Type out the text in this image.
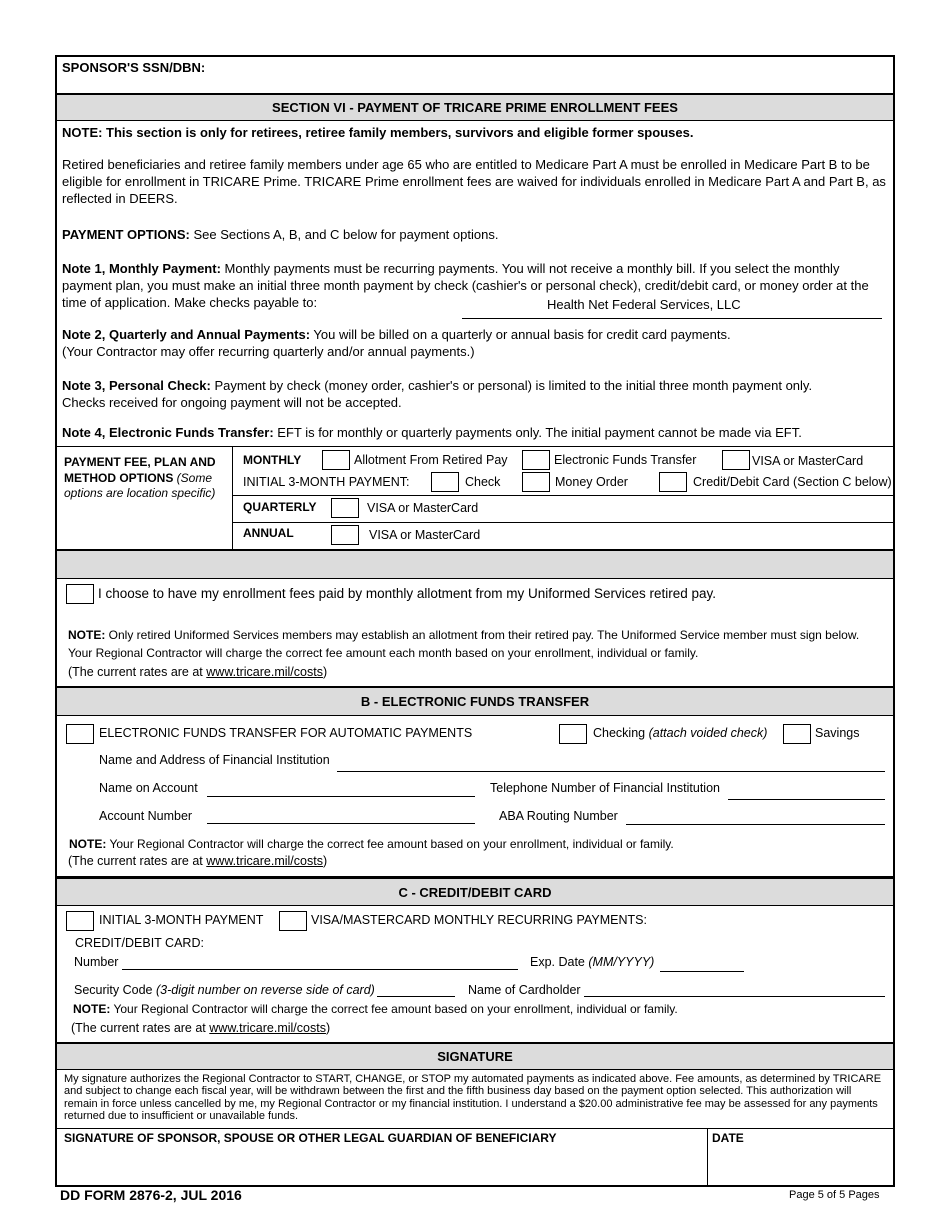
SPONSOR'S SSN/DBN:
SECTION VI - PAYMENT OF TRICARE PRIME ENROLLMENT FEES
NOTE: This section is only for retirees, retiree family members, survivors and eligible former spouses.
Retired beneficiaries and retiree family members under age 65 who are entitled to Medicare Part A must be enrolled in Medicare Part B to be eligible for enrollment in TRICARE Prime. TRICARE Prime enrollment fees are waived for individuals enrolled in Medicare Part A and Part B, as reflected in DEERS.
PAYMENT OPTIONS: See Sections A, B, and C below for payment options.
Note 1, Monthly Payment: Monthly payments must be recurring payments. You will not receive a monthly bill. If you select the monthly payment plan, you must make an initial three month payment by check (cashier's or personal check), credit/debit card, or money order at the time of application. Make checks payable to:	Health Net Federal Services, LLC
Note 2, Quarterly and Annual Payments: You will be billed on a quarterly or annual basis for credit card payments.
(Your Contractor may offer recurring quarterly and/or annual payments.)
Note 3, Personal Check: Payment by check (money order, cashier's or personal) is limited to the initial three month payment only.
Checks received for ongoing payment will not be accepted.
Note 4, Electronic Funds Transfer: EFT is for monthly or quarterly payments only. The initial payment cannot be made via EFT.
PAYMENT FEE, PLAN AND METHOD OPTIONS (Some options are location specific)
MONTHLY	Allotment From Retired Pay	Electronic Funds Transfer	VISA or MasterCard
INITIAL 3-MONTH PAYMENT:	Check	Money Order	Credit/Debit Card (Section C below)
QUARTERLY	VISA or MasterCard
ANNUAL	VISA or MasterCard
I choose to have my enrollment fees paid by monthly allotment from my Uniformed Services retired pay.
NOTE: Only retired Uniformed Services members may establish an allotment from their retired pay. The Uniformed Service member must sign below. Your Regional Contractor will charge the correct fee amount each month based on your enrollment, individual or family.
(The current rates are at www.tricare.mil/costs)
B - ELECTRONIC FUNDS TRANSFER
ELECTRONIC FUNDS TRANSFER FOR AUTOMATIC PAYMENTS	Checking (attach voided check)	Savings
Name and Address of Financial Institution
Name on Account	Telephone Number of Financial Institution
Account Number	ABA Routing Number
NOTE: Your Regional Contractor will charge the correct fee amount based on your enrollment, individual or family.
(The current rates are at www.tricare.mil/costs)
C - CREDIT/DEBIT CARD
INITIAL 3-MONTH PAYMENT	VISA/MASTERCARD MONTHLY RECURRING PAYMENTS:
CREDIT/DEBIT CARD:
Number	Exp. Date (MM/YYYY)
Security Code (3-digit number on reverse side of card)	Name of Cardholder
NOTE: Your Regional Contractor will charge the correct fee amount based on your enrollment, individual or family.
(The current rates are at www.tricare.mil/costs)
SIGNATURE
My signature authorizes the Regional Contractor to START, CHANGE, or STOP my automated payments as indicated above. Fee amounts, as determined by TRICARE and subject to change each fiscal year, will be withdrawn between the first and the fifth business day based on the payment option selected. This authorization will remain in force unless cancelled by me, my Regional Contractor or my financial institution. I understand a $20.00 administrative fee may be assessed for any payments returned due to insufficient or unavailable funds.
SIGNATURE OF SPONSOR, SPOUSE OR OTHER LEGAL GUARDIAN OF BENEFICIARY	DATE
DD FORM 2876-2, JUL 2016	Page 5 of 5 Pages
